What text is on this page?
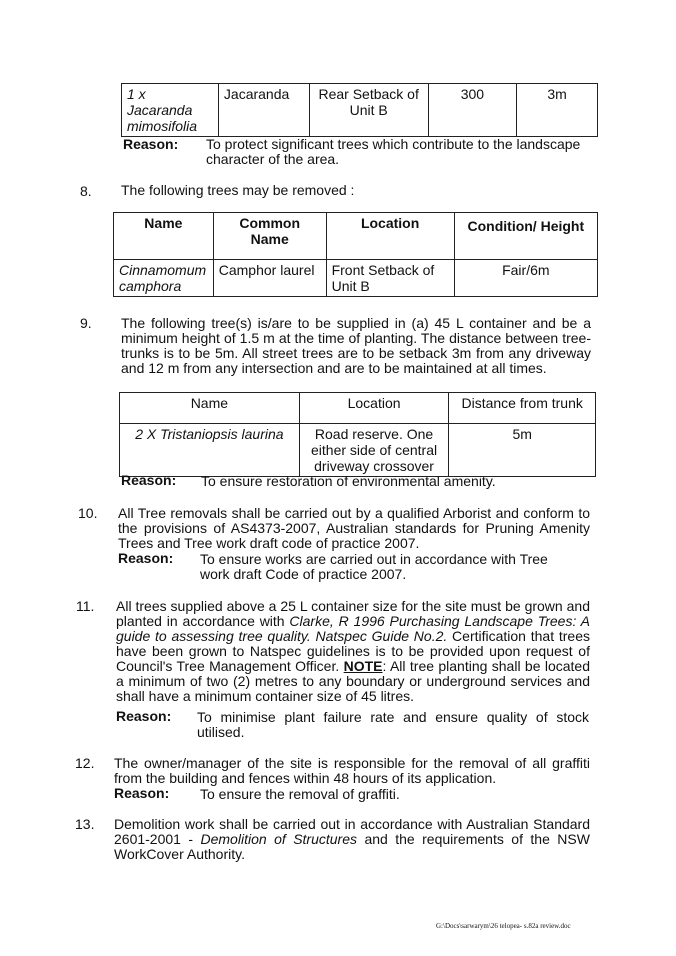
1 x
Jacaranda mimosifolia	Jacaranda	Rear Setback of Unit B	300	3m
Reason: To protect significant trees which contribute to the landscape character of the area.
8. The following trees may be removed :
Name	Common Name	Location	Condition/ Height
Cinnamomum camphora	Camphor laurel	Front Setback of Unit B	Fair/6m
9. The following tree(s) is/are to be supplied in (a) 45 L container and be a minimum height of 1.5 m at the time of planting. The distance between tree-trunks is to be 5m. All street trees are to be setback 3m from any driveway and 12 m from any intersection and are to be maintained at all times.
Name	Location	Distance from trunk
2 X Tristaniopsis laurina	Road reserve. One either side of central driveway crossover	5m
Reason: To ensure restoration of environmental amenity.
10. All Tree removals shall be carried out by a qualified Arborist and conform to the provisions of AS4373-2007, Australian standards for Pruning Amenity Trees and Tree work draft code of practice 2007.
Reason: To ensure works are carried out in accordance with Tree work draft Code of practice 2007.
11. All trees supplied above a 25 L container size for the site must be grown and planted in accordance with Clarke, R 1996 Purchasing Landscape Trees: A guide to assessing tree quality. Natspec Guide No.2. Certification that trees have been grown to Natspec guidelines is to be provided upon request of Council's Tree Management Officer. NOTE: All tree planting shall be located a minimum of two (2) metres to any boundary or underground services and shall have a minimum container size of 45 litres.
Reason: To minimise plant failure rate and ensure quality of stock utilised.
12. The owner/manager of the site is responsible for the removal of all graffiti from the building and fences within 48 hours of its application.
Reason: To ensure the removal of graffiti.
13. Demolition work shall be carried out in accordance with Australian Standard 2601-2001 - Demolition of Structures and the requirements of the NSW WorkCover Authority.
G:\Docs\sarwarym\26 telopea- s.82a review.doc
